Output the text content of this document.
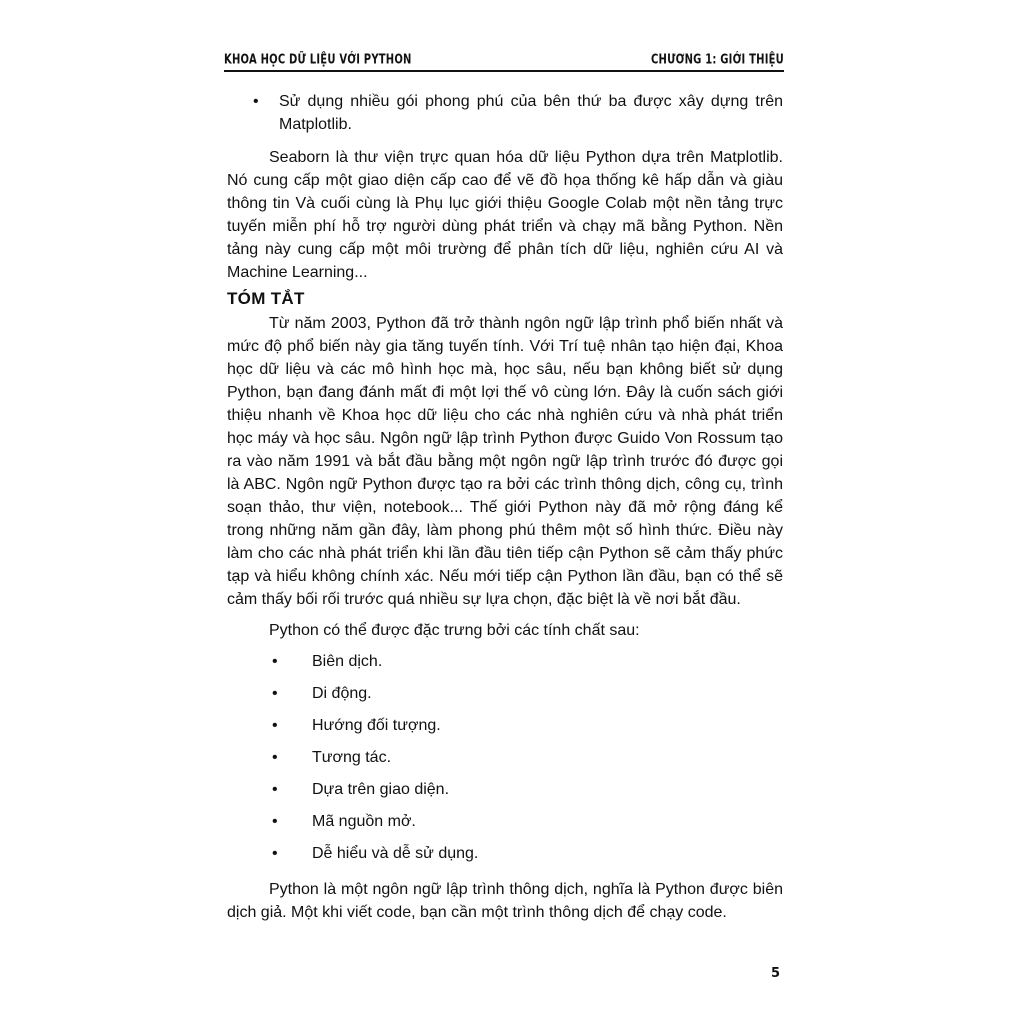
KHOA HỌC DỮ LIỆU VỚI PYTHON	CHƯƠNG 1: GIỚI THIỆU
• Sử dụng nhiều gói phong phú của bên thứ ba được xây dựng trên Matplotlib.

Seaborn là thư viện trực quan hóa dữ liệu Python dựa trên Matplotlib. Nó cung cấp một giao diện cấp cao để vẽ đồ họa thống kê hấp dẫn và giàu thông tin Và cuối cùng là Phụ lục giới thiệu Google Colab một nền tảng trực tuyến miễn phí hỗ trợ người dùng phát triển và chạy mã bằng Python. Nền tảng này cung cấp một môi trường để phân tích dữ liệu, nghiên cứu AI và Machine Learning...

TÓM TẮT

Từ năm 2003, Python đã trở thành ngôn ngữ lập trình phổ biến nhất và mức độ phổ biến này gia tăng tuyến tính. Với Trí tuệ nhân tạo hiện đại, Khoa học dữ liệu và các mô hình học mà, học sâu, nếu bạn không biết sử dụng Python, bạn đang đánh mất đi một lợi thế vô cùng lớn. Đây là cuốn sách giới thiệu nhanh về Khoa học dữ liệu cho các nhà nghiên cứu và nhà phát triển học máy và học sâu. Ngôn ngữ lập trình Python được Guido Von Rossum tạo ra vào năm 1991 và bắt đầu bằng một ngôn ngữ lập trình trước đó được gọi là ABC. Ngôn ngữ Python được tạo ra bởi các trình thông dịch, công cụ, trình soạn thảo, thư viện, notebook... Thế giới Python này đã mở rộng đáng kể trong những năm gần đây, làm phong phú thêm một số hình thức. Điều này làm cho các nhà phát triển khi lần đầu tiên tiếp cận Python sẽ cảm thấy phức tạp và hiểu không chính xác. Nếu mới tiếp cận Python lần đầu, bạn có thể sẽ cảm thấy bối rối trước quá nhiều sự lựa chọn, đặc biệt là về nơi bắt đầu.

Python có thể được đặc trưng bởi các tính chất sau:

• Biên dịch.
• Di động.
• Hướng đối tượng.
• Tương tác.
• Dựa trên giao diện.
• Mã nguồn mở.
• Dễ hiểu và dễ sử dụng.

Python là một ngôn ngữ lập trình thông dịch, nghĩa là Python được biên dịch giả. Một khi viết code, bạn cần một trình thông dịch để chạy code.

5
